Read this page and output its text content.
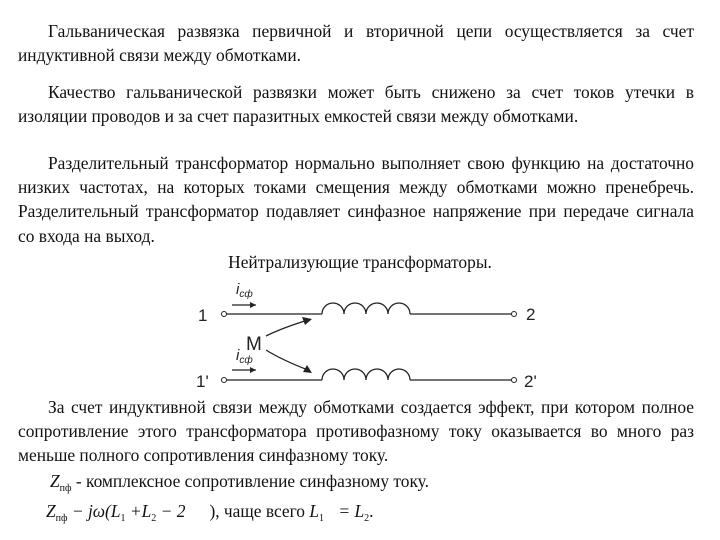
Гальваническая развязка первичной и вторичной цепи осуществляется за счет индуктивной связи между обмотками.

Качество гальванической развязки может быть снижено за счет токов утечки в изоляции проводов и за счет паразитных емкостей связи между обмотками.

Разделительный трансформатор нормально выполняет свою функцию на достаточно низких частотах, на которых токами смещения между обмотками можно пренебречь. Разделительный трансформатор подавляет синфазное напряжение при передаче сигнала со входа на выход.

Нейтрализующие трансформаторы.

1	2
1'	2'
M
$i_{сф}$
$i_{сф}$

За счет индуктивной связи между обмотками создается эффект, при котором полное сопротивление этого трансформатора противофазному току оказывается во много раз меньше полного сопротивления синфазному току.

$Z_{пф}$ - комплексное сопротивление синфазному току.
$Z_{пф} - j\omega(L_1 +L_2 - 2$ ), чаще всего $L_1 = L_2$.
